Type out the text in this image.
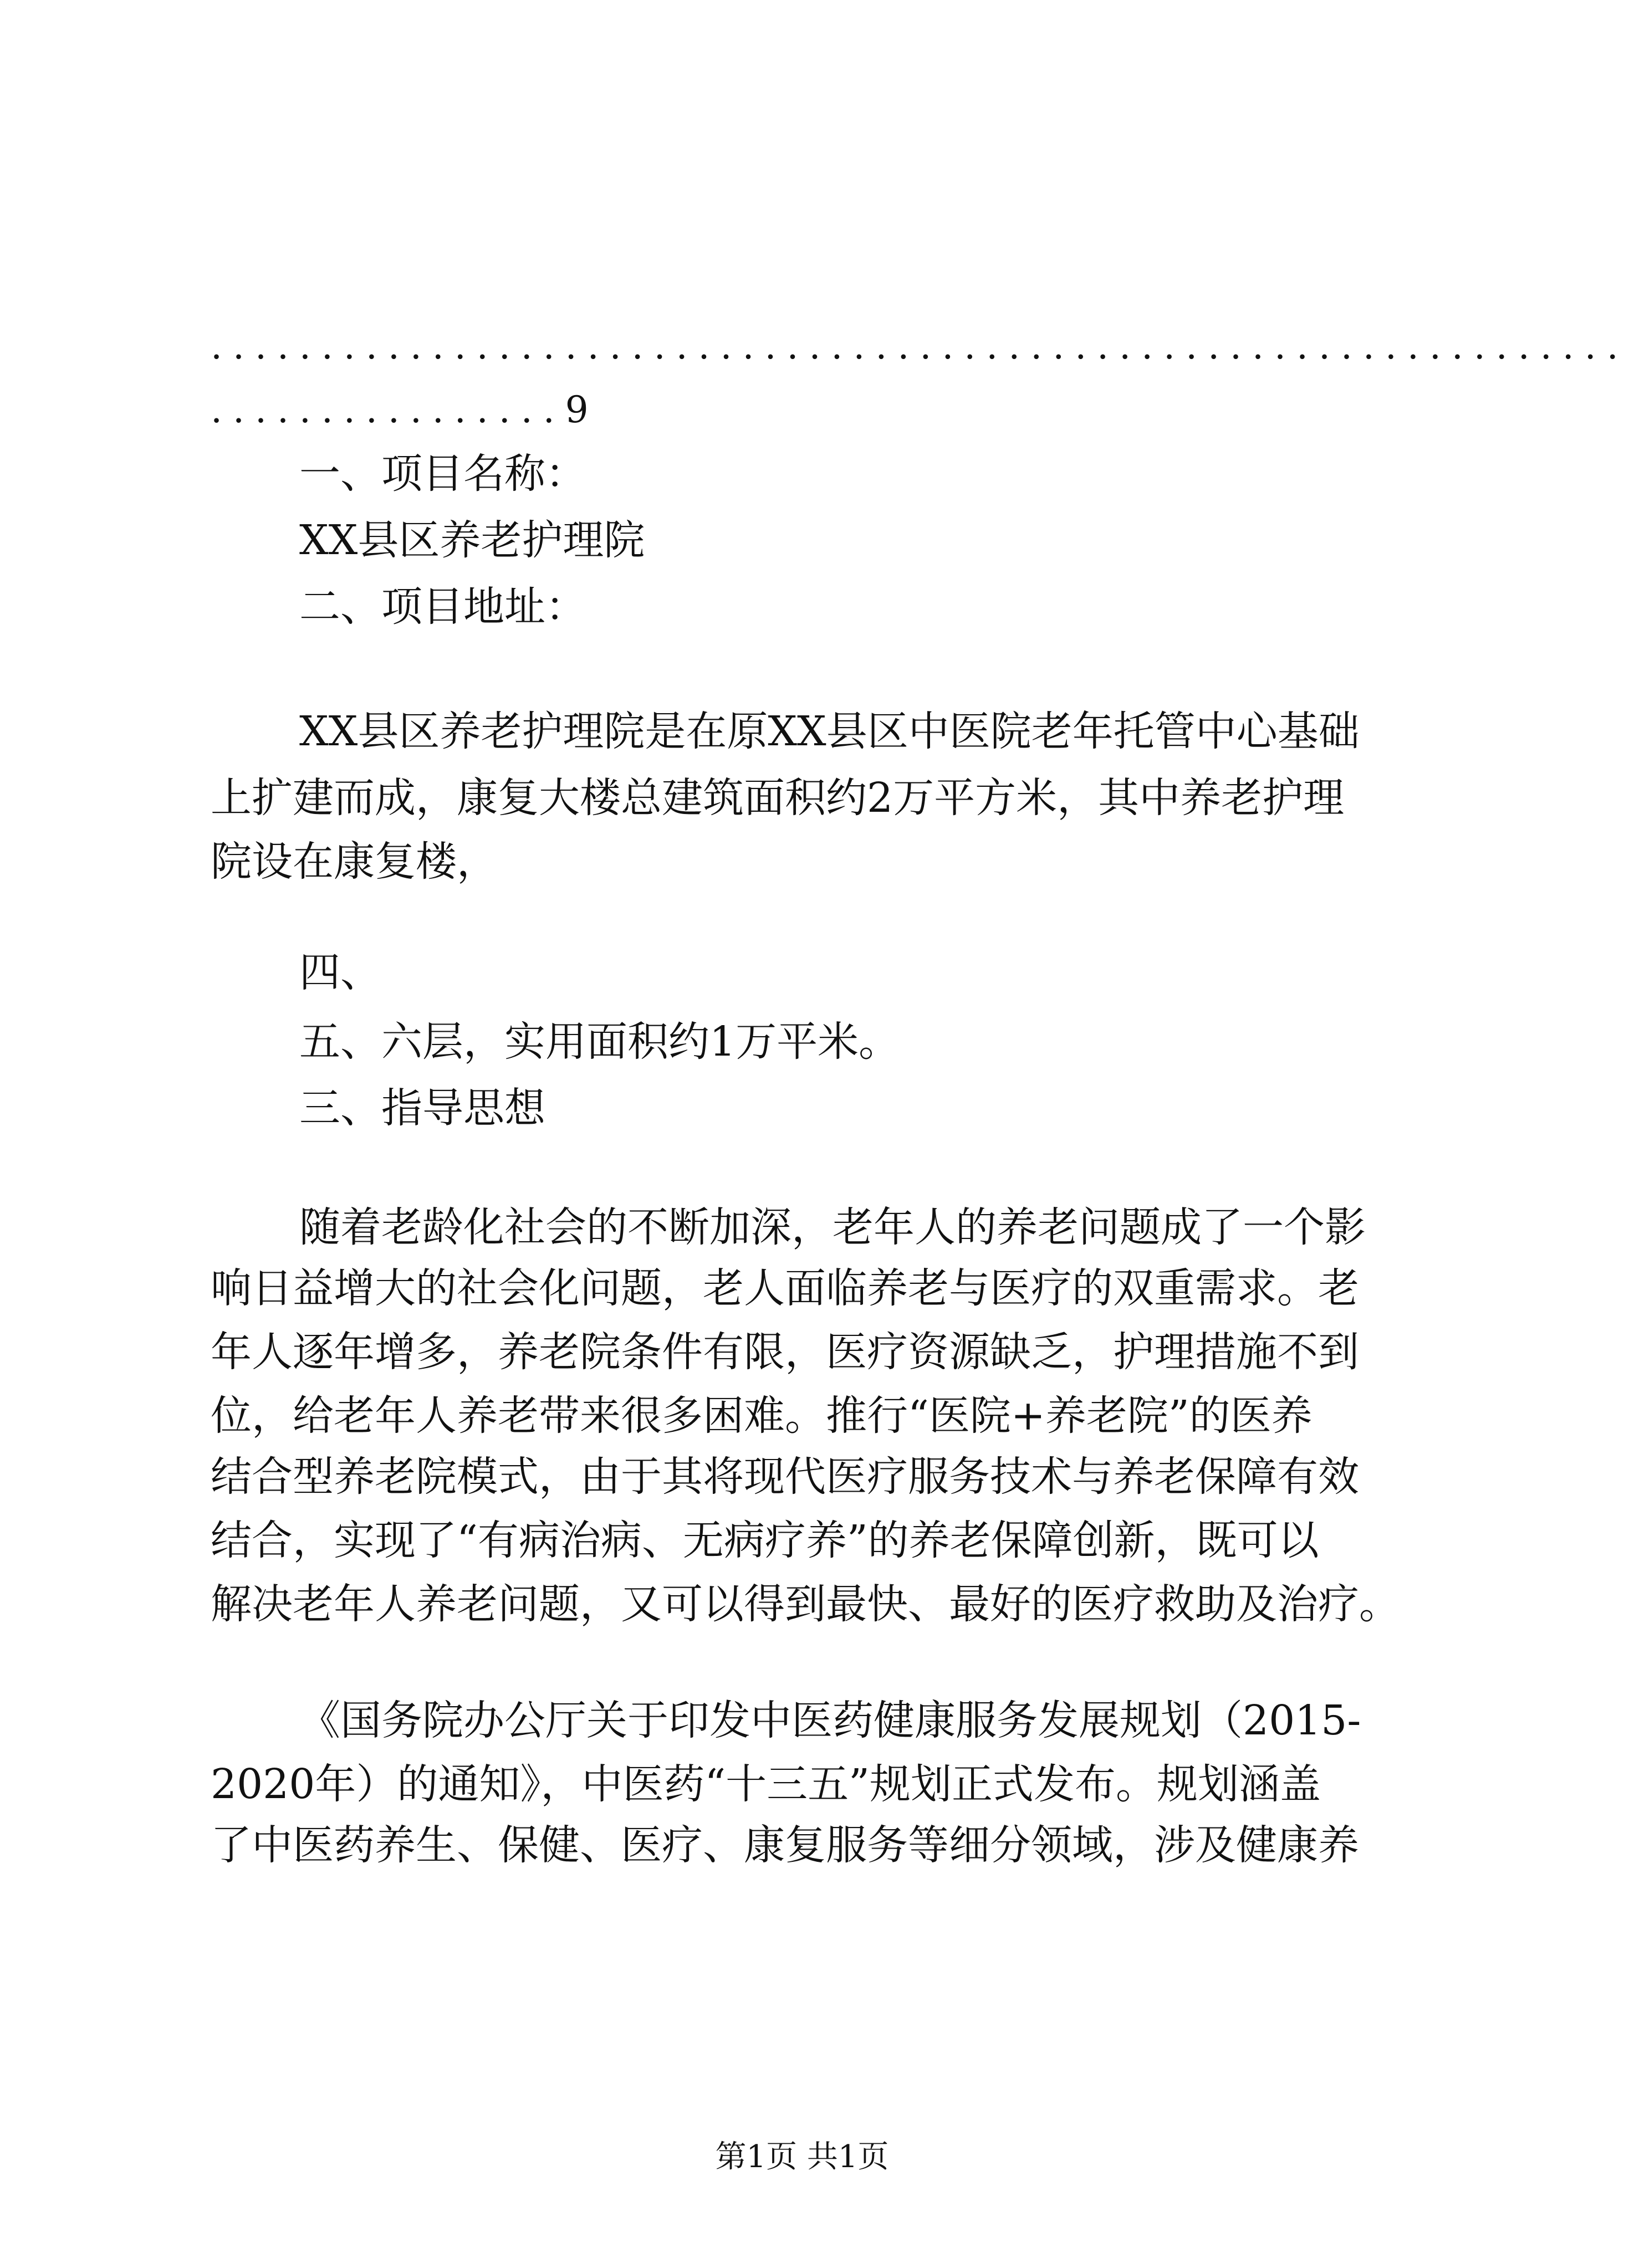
................................................................
................9
一、项目名称：
XX县区养老护理院
二、项目地址：
XX县区养老护理院是在原XX县区中医院老年托管中心基础
上扩建而成，康复大楼总建筑面积约2万平方米，其中养老护理
院设在康复楼，
四、
五、六层，实用面积约1万平米。
三、指导思想
随着老龄化社会的不断加深，老年人的养老问题成了一个影
响日益增大的社会化问题，老人面临养老与医疗的双重需求。老
年人逐年增多，养老院条件有限，医疗资源缺乏，护理措施不到
位，给老年人养老带来很多困难。推行“医院+养老院”的医养
结合型养老院模式，由于其将现代医疗服务技术与养老保障有效
结合，实现了“有病治病、无病疗养”的养老保障创新，既可以
解决老年人养老问题，又可以得到最快、最好的医疗救助及治疗。
《国务院办公厅关于印发中医药健康服务发展规划（2015-
2020年）的通知》，中医药“十三五”规划正式发布。规划涵盖
了中医药养生、保健、医疗、康复服务等细分领域，涉及健康养
第1页 共1页
